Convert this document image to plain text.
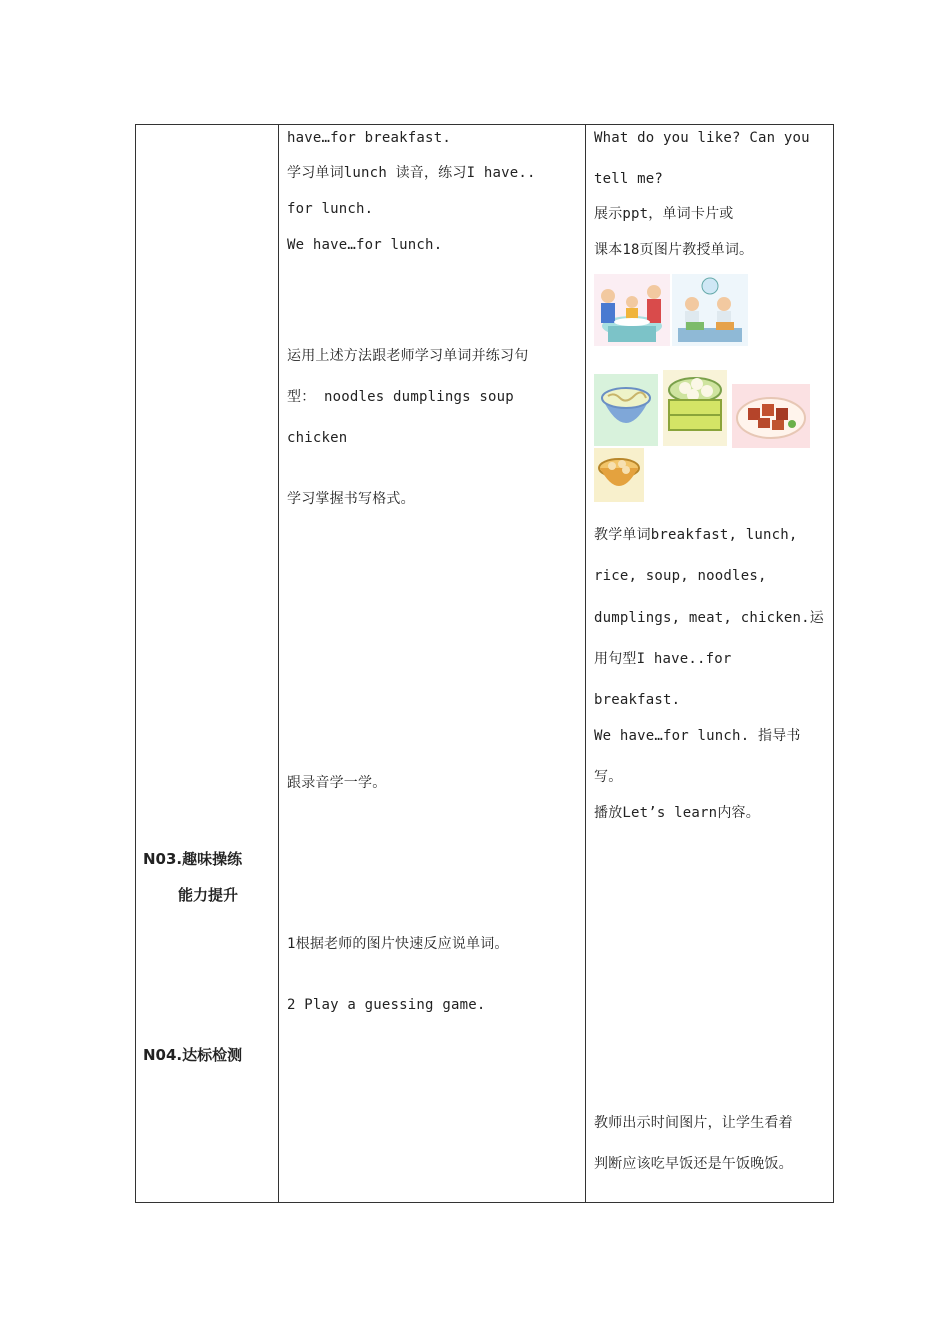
N03.趣味操练
能力提升
N04.达标检测
have…for breakfast.
学习单词lunch 读音，练习I have..
for lunch.
We have…for lunch.
运用上述方法跟老师学习单词并练习句
型： noodles dumplings soup
chicken
学习掌握书写格式。
跟录音学一学。
1根据老师的图片快速反应说单词。
2 Play a guessing game.
What do you like? Can you
tell me?
展示ppt，单词卡片或
课本18页图片教授单词。
教学单词breakfast, lunch,
rice, soup, noodles,
dumplings, meat, chicken.运
用句型I have..for
breakfast.
We have…for lunch. 指导书
写。
播放Let’s learn内容。
教师出示时间图片，让学生看着
判断应该吃早饭还是午饭晚饭。
